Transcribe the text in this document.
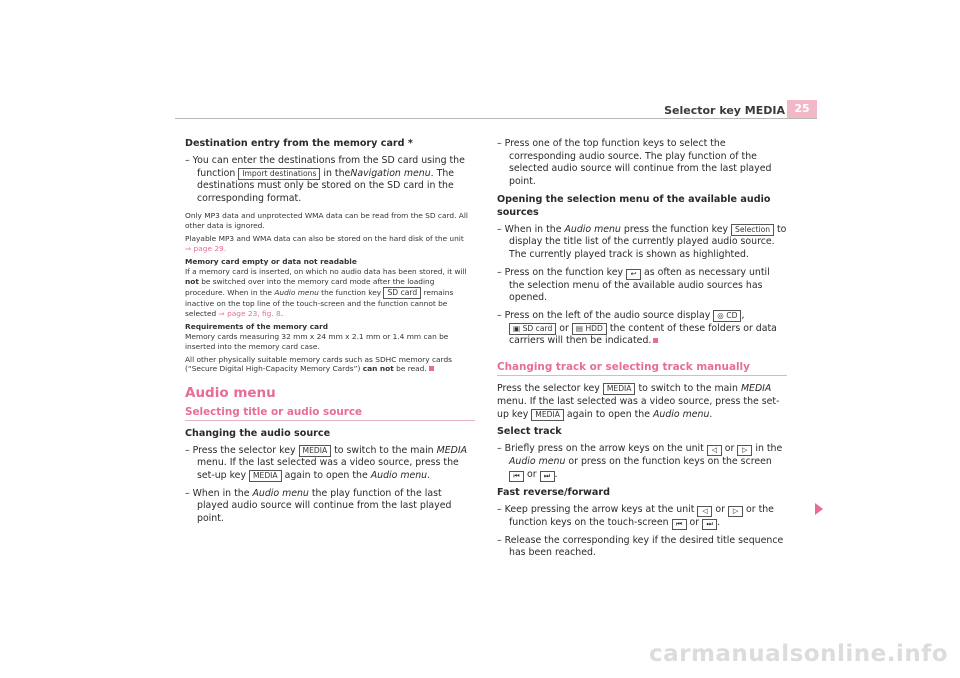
Selector key MEDIA 25

Destination entry from the memory card *

– You can enter the destinations from the SD card using the function Import destinations in theNavigation menu. The destinations must only be stored on the SD card in the corresponding format.

Only MP3 data and unprotected WMA data can be read from the SD card. All other data is ignored.

Playable MP3 and WMA data can also be stored on the hard disk of the unit
⇒ page 29.

Memory card empty or data not readable

If a memory card is inserted, on which no audio data has been stored, it will not be switched over into the memory card mode after the loading procedure. When in the Audio menu the function key SD card remains inactive on the top line of the touch-screen and the function cannot be selected ⇒ page 23, fig. 8.

Requirements of the memory card

Memory cards measuring 32 mm x 24 mm x 2.1 mm or 1.4 mm can be inserted into the memory card case.

All other physically suitable memory cards such as SDHC memory cards (“Secure Digital High-Capacity Memory Cards”) can not be read.

Audio menu
Selecting title or audio source

Changing the audio source

– Press the selector key MEDIA to switch to the main MEDIA menu. If the last selected was a video source, press the set-up key MEDIA again to open the Audio menu.

– When in the Audio menu the play function of the last played audio source will continue from the last played point.

– Press one of the top function keys to select the corresponding audio source. The play function of the selected audio source will continue from the last played point.

Opening the selection menu of the available audio sources

– When in the Audio menu press the function key Selection to display the title list of the currently played audio source. The currently played track is shown as highlighted.

– Press on the function key ↩ as often as necessary until the selection menu of the available audio sources has opened.

– Press on the left of the audio source display ◎ CD , ▣ SD card or ▤ HDD the content of these folders or data carriers will then be indicated.

Changing track or selecting track manually

Press the selector key MEDIA to switch to the main MEDIA menu. If the last selected was a video source, press the set-up key MEDIA again to open the Audio menu.

Select track

– Briefly press on the arrow keys on the unit ◁ or ▷ in the Audio menu or press on the function keys on the screen ⏮ or ⏭ .

Fast reverse/forward

– Keep pressing the arrow keys at the unit ◁ or ▷ or the function keys on the touch-screen ⏮ or ⏭ .

– Release the corresponding key if the desired title sequence has been reached.

carmanualsonline.info
